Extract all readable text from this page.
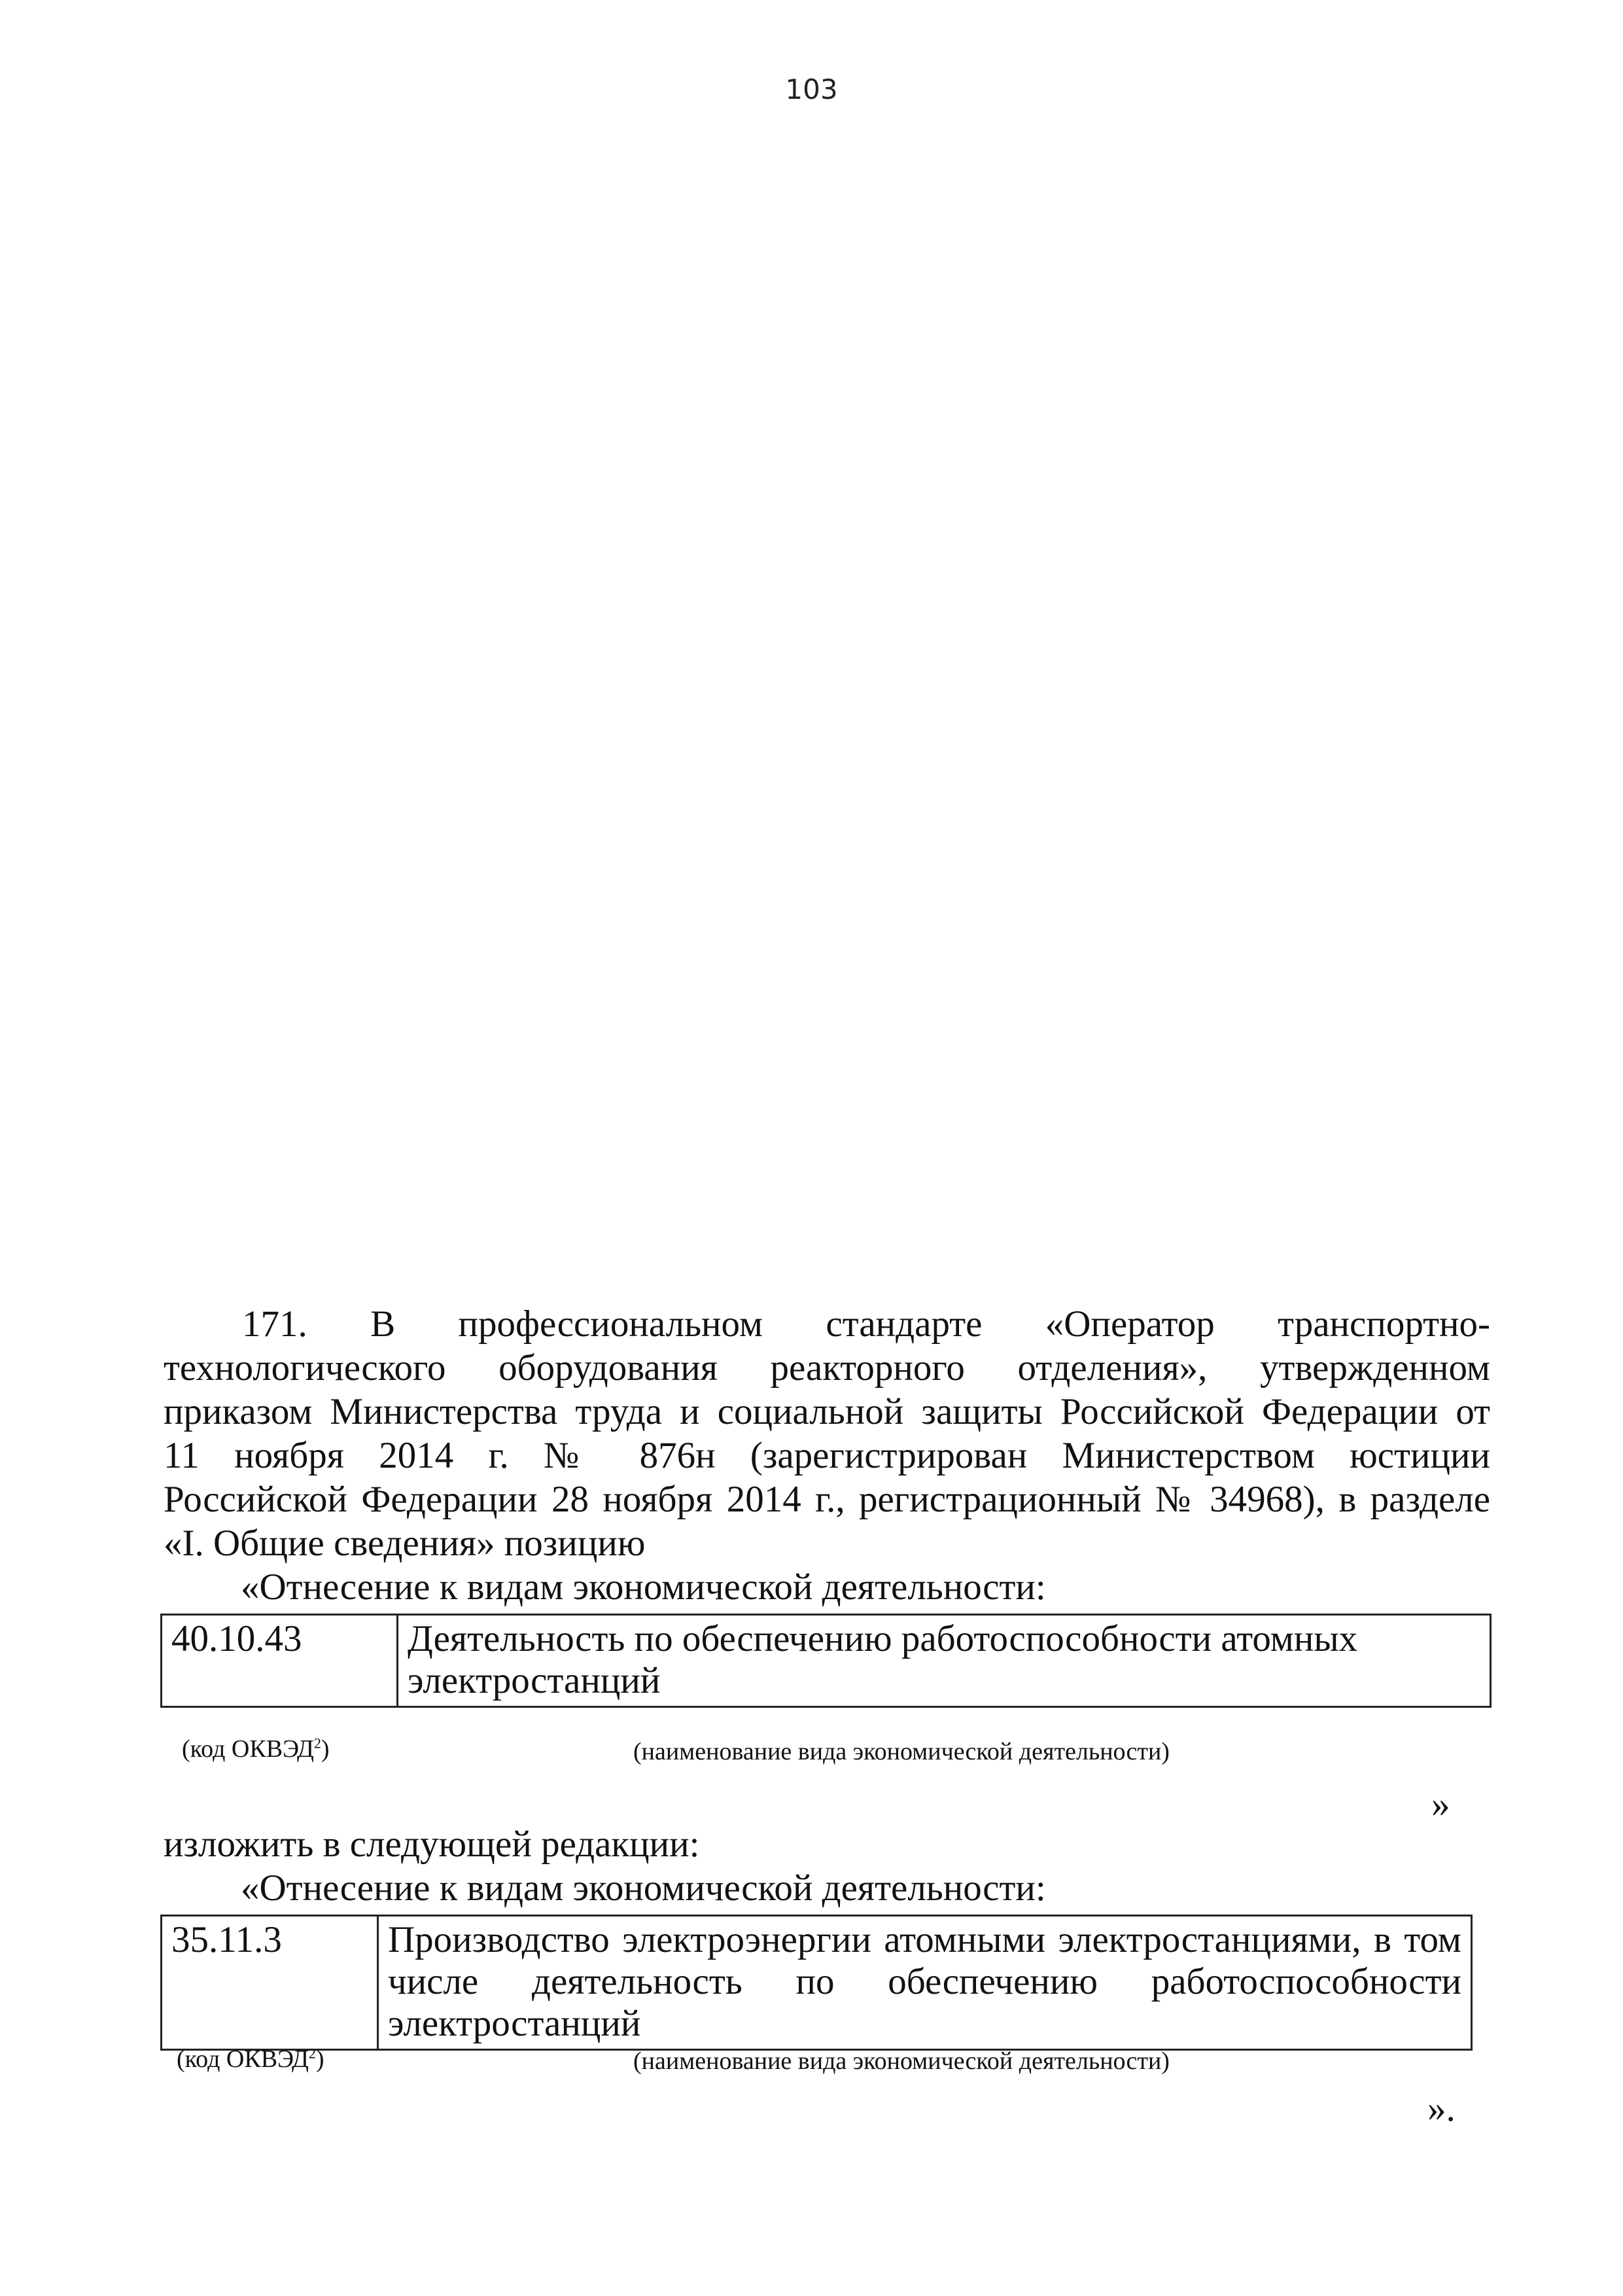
103
171. В профессиональном стандарте «Оператор транспортно-
технологического оборудования реакторного отделения», утвержденном
приказом Министерства труда и социальной защиты Российской Федерации от
11 ноября 2014 г. № 876н (зарегистрирован Министерством юстиции
Российской Федерации 28 ноября 2014 г., регистрационный № 34968), в разделе
«I. Общие сведения» позицию
«Отнесение к видам экономической деятельности:
40.10.43	Деятельность по обеспечению работоспособности атомных электростанций
(код ОКВЭД$^2$)	(наименование вида экономической деятельности)
»
изложить в следующей редакции:
«Отнесение к видам экономической деятельности:
35.11.3	Производство электроэнергии атомными электростанциями, в том числе деятельность по обеспечению работоспособности электростанций
(код ОКВЭД$^2$)	(наименование вида экономической деятельности)
».
